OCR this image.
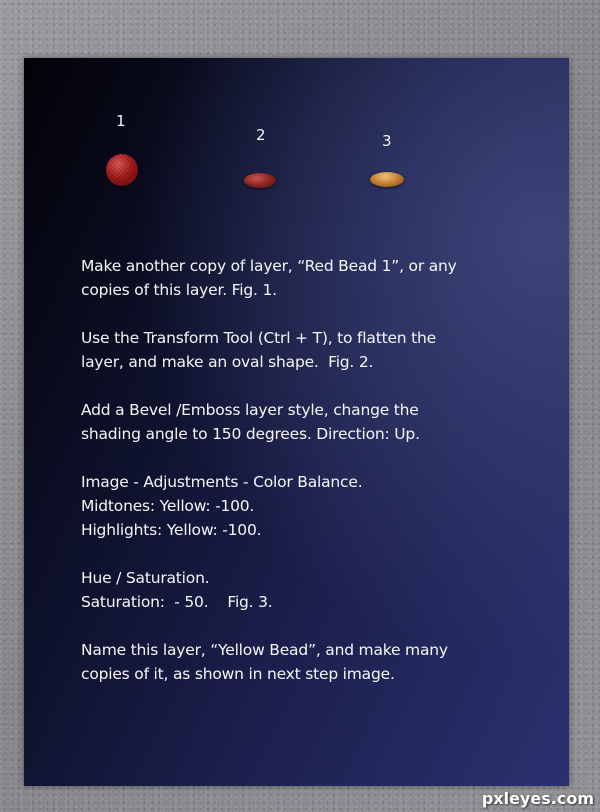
1
2	3

Make another copy of layer, “Red Bead 1”, or any
copies of this layer. Fig. 1.

Use the Transform Tool (Ctrl + T), to flatten the
layer, and make an oval shape.  Fig. 2.

Add a Bevel /Emboss layer style, change the
shading angle to 150 degrees. Direction: Up.

Image - Adjustments - Color Balance.
Midtones: Yellow: -100.
Highlights: Yellow: -100.

Hue / Saturation.
Saturation:  - 50.    Fig. 3.

Name this layer, “Yellow Bead”, and make many
copies of it, as shown in next step image.

pxleyes.com
